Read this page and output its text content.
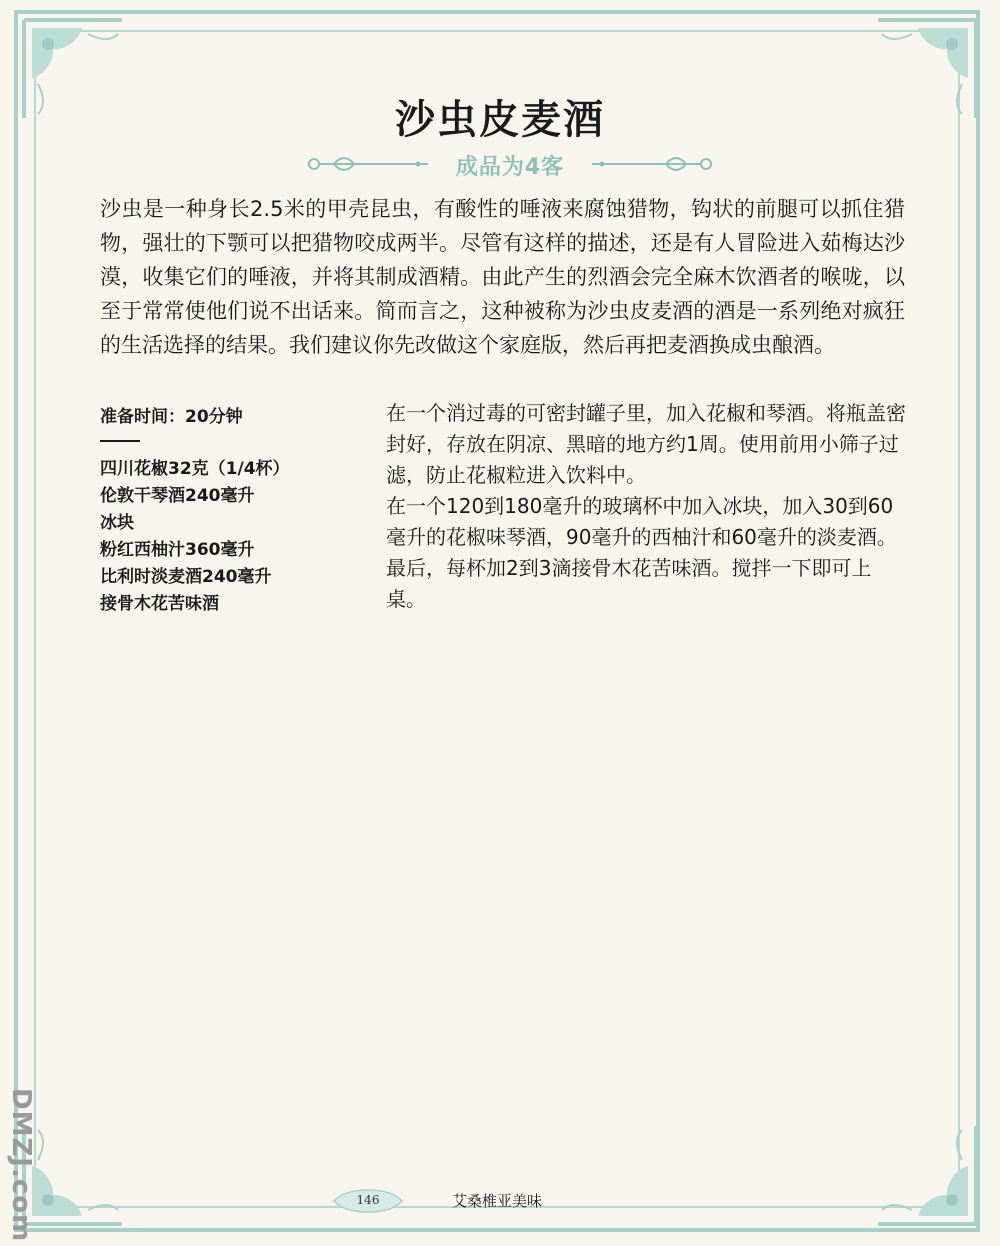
沙虫皮麦酒
成品为4客

沙虫是一种身长2.5米的甲壳昆虫，有酸性的唾液来腐蚀猎物，钩状的前腿可以抓住猎物，强壮的下颚可以把猎物咬成两半。尽管有这样的描述，还是有人冒险进入茹梅达沙漠，收集它们的唾液，并将其制成酒精。由此产生的烈酒会完全麻木饮酒者的喉咙，以至于常常使他们说不出话来。简而言之，这种被称为沙虫皮麦酒的酒是一系列绝对疯狂的生活选择的结果。我们建议你先改做这个家庭版，然后再把麦酒换成虫酿酒。

准备时间：20分钟
四川花椒32克（1/4杯）
伦敦干琴酒240毫升
冰块
粉红西柚汁360毫升
比利时淡麦酒240毫升
接骨木花苦味酒

在一个消过毒的可密封罐子里，加入花椒和琴酒。将瓶盖密封好，存放在阴凉、黑暗的地方约1周。使用前用小筛子过滤，防止花椒粒进入饮料中。

在一个120到180毫升的玻璃杯中加入冰块，加入30到60毫升的花椒味琴酒，90毫升的西柚汁和60毫升的淡麦酒。最后，每杯加2到3滴接骨木花苦味酒。搅拌一下即可上桌。

146	艾桑椎亚美味
DMZJ.com
